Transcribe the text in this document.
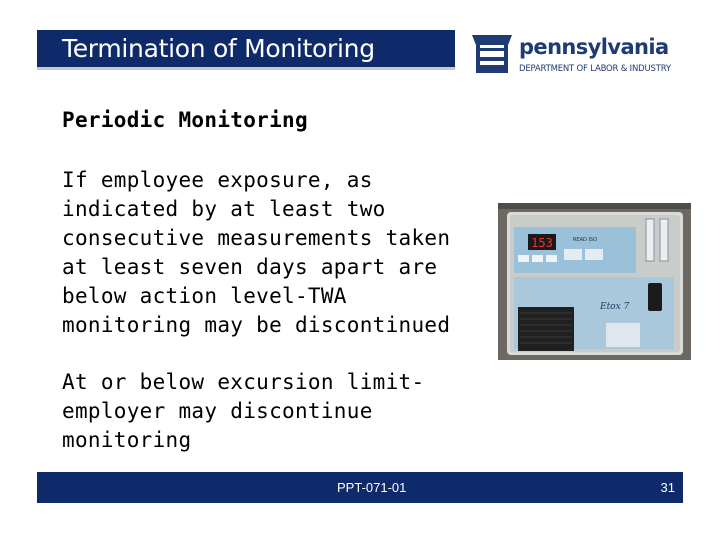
Termination of Monitoring	pennsylvania
DEPARTMENT OF LABOR & INDUSTRY
Periodic Monitoring
If employee exposure, as
indicated by at least two
consecutive measurements taken
at least seven days apart are
below action level-TWA
monitoring may be discontinued
153	READ ISO
Etox 7
At or below excursion limit-
employer may discontinue
monitoring
PPT-071-01	31
